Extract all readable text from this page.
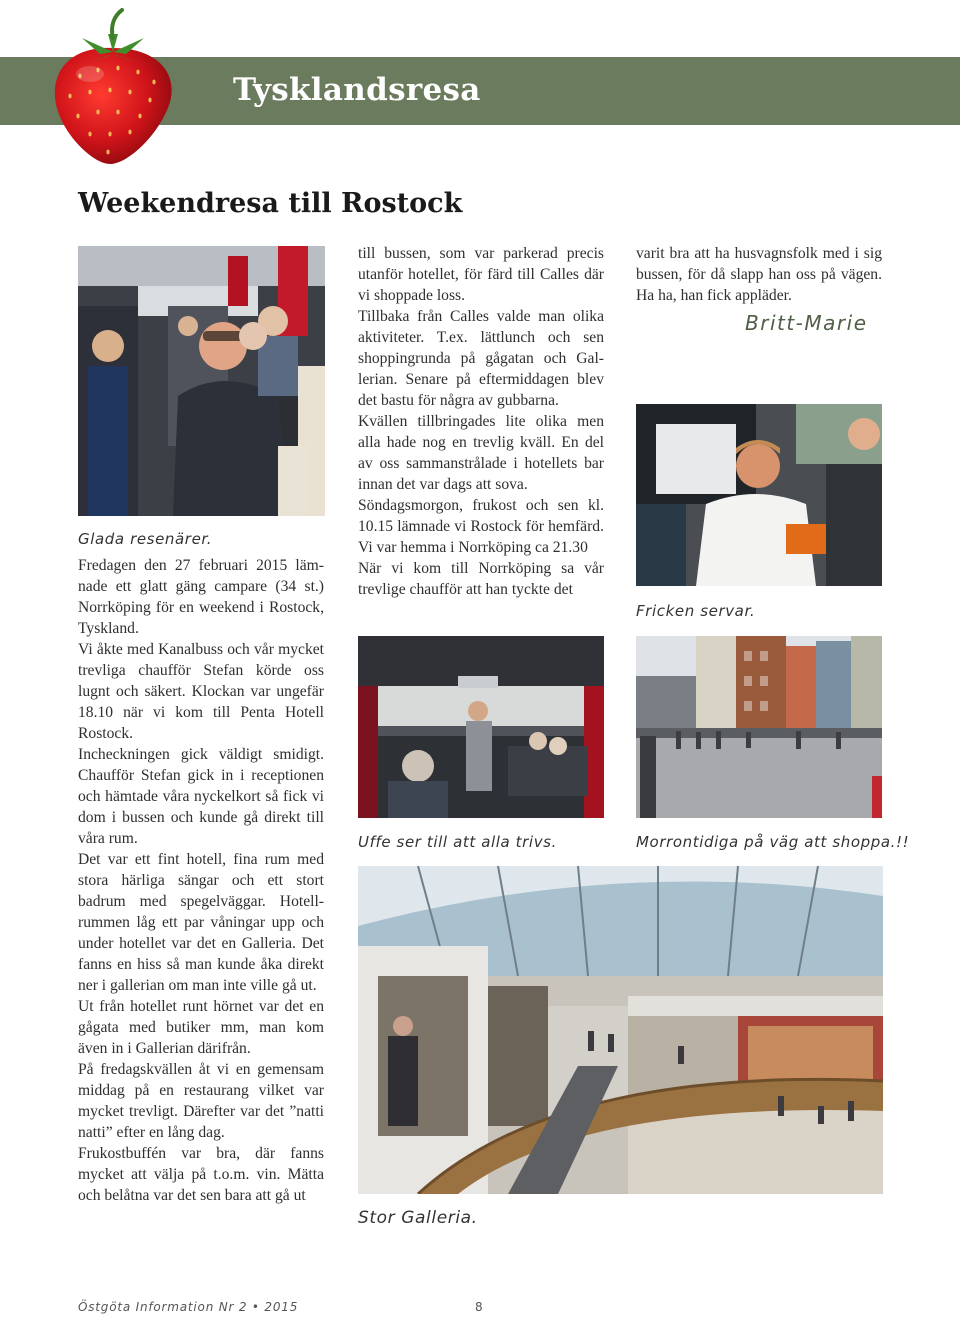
Tysklandsresa
Weekendresa till Rostock
Glada resenärer.

Fredagen den 27 februari 2015 lämnade ett glatt gäng campare (34 st.) Norrköping för en weekend i Rostock, Tyskland.

Vi åkte med Kanalbuss och vår mycket trevliga chaufför Stefan körde oss lugnt och säkert. Klockan var ungefär 18.10 när vi kom till Penta Hotell Rostock.

Incheckningen gick väldigt smidigt. Chaufför Stefan gick in i receptionen och hämtade våra nyckelkort så fick vi dom i bussen och kunde gå direkt till våra rum.

Det var ett fint hotell, fina rum med stora härliga sängar och ett stort badrum med spegelväggar. Hotellrummen låg ett par våningar upp och under hotellet var det en Galleria. Det fanns en hiss så man kunde åka direkt ner i gallerian om man inte ville gå ut.

Ut från hotellet runt hörnet var det en gågata med butiker mm, man kom även in i Gallerian därifrån.

På fredagskvällen åt vi en gemensam middag på en restaurang vilket var mycket trevligt. Därefter var det ”natti natti” efter en lång dag.

Frukostbuffén var bra, där fanns mycket att välja på t.o.m. vin. Mätta och belåtna var det sen bara att gå ut

till bussen, som var parkerad precis utanför hotellet, för färd till Calles där vi shoppade loss.

Tillbaka från Calles valde man olika aktiviteter. T.ex. lättlunch och sen shoppingrunda på gågatan och Gallerian. Senare på eftermiddagen blev det bastu för några av gubbarna.

Kvällen tillbringades lite olika men alla hade nog en trevlig kväll. En del av oss sammanstrålade i hotellets bar innan det var dags att sova.

Söndagsmorgon, frukost och sen kl. 10.15 lämnade vi Rostock för hemfärd. Vi var hemma i Norrköping ca 21.30

När vi kom till Norrköping sa vår trevlige chaufför att han tyckte det

varit bra att ha husvagnsfolk med i sig bussen, för då slapp han oss på vägen. Ha ha, han fick appläder.

Britt-Marie
Fricken servar.
Uffe ser till att alla trivs.	Morrontidiga på väg att shoppa.!!
Stor Galleria.
Östgöta Information Nr 2 • 2015	8
